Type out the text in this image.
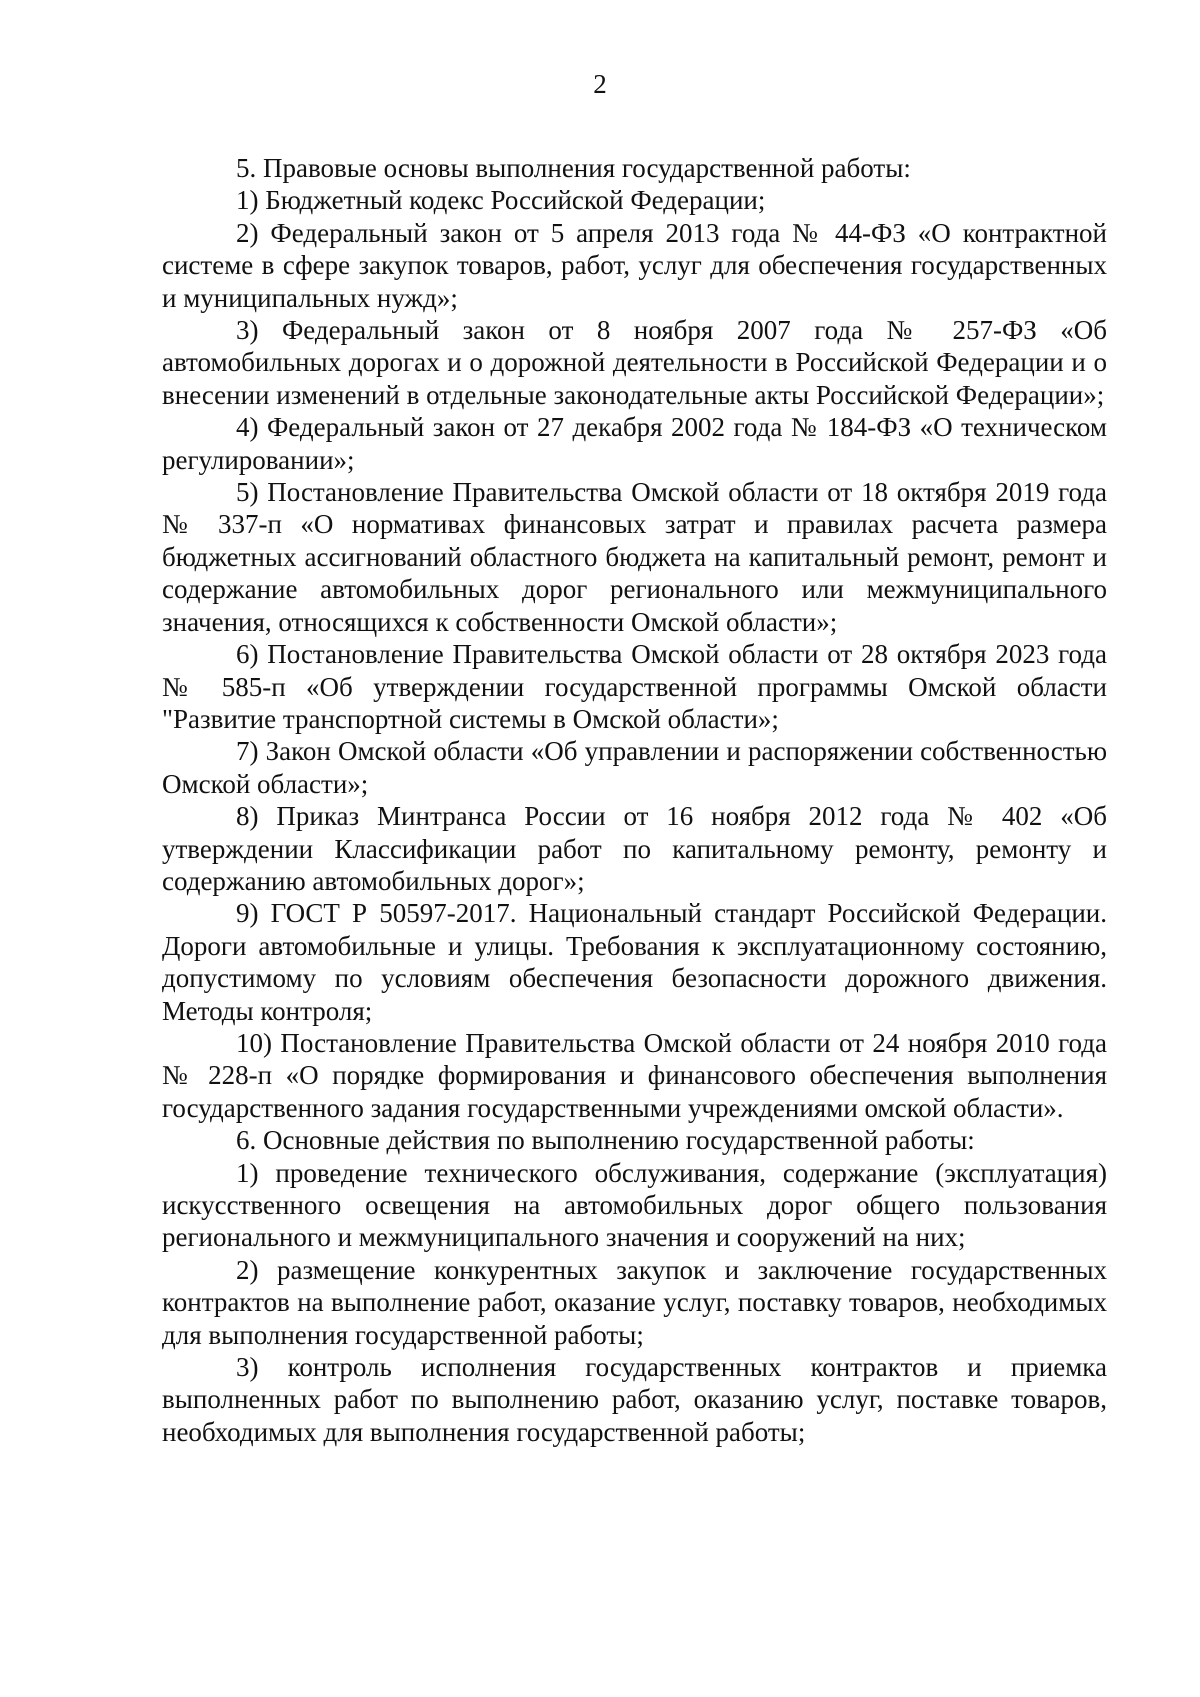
2

5. Правовые основы выполнения государственной работы:

1) Бюджетный кодекс Российской Федерации;

2) Федеральный закон от 5 апреля 2013 года № 44-ФЗ «О контрактной системе в сфере закупок товаров, работ, услуг для обеспечения государственных и муниципальных нужд»;

3) Федеральный закон от 8 ноября 2007 года № 257-ФЗ «Об автомобильных дорогах и о дорожной деятельности в Российской Федерации и о внесении изменений в отдельные законодательные акты Российской Федерации»;

4) Федеральный закон от 27 декабря 2002 года № 184-ФЗ «О техническом регулировании»;

5) Постановление Правительства Омской области от 18 октября 2019 года № 337-п «О нормативах финансовых затрат и правилах расчета размера бюджетных ассигнований областного бюджета на капитальный ремонт, ремонт и содержание автомобильных дорог регионального или межмуниципального значения, относящихся к собственности Омской области»;

6) Постановление Правительства Омской области от 28 октября 2023 года № 585-п «Об утверждении государственной программы Омской области "Развитие транспортной системы в Омской области»;

7) Закон Омской области «Об управлении и распоряжении собственностью Омской области»;

8) Приказ Минтранса России от 16 ноября 2012 года № 402 «Об утверждении Классификации работ по капитальному ремонту, ремонту и содержанию автомобильных дорог»;

9) ГОСТ Р 50597-2017. Национальный стандарт Российской Федерации. Дороги автомобильные и улицы. Требования к эксплуатационному состоянию, допустимому по условиям обеспечения безопасности дорожного движения. Методы контроля;

10) Постановление Правительства Омской области от 24 ноября 2010 года № 228-п «О порядке формирования и финансового обеспечения выполнения государственного задания государственными учреждениями омской области».

6. Основные действия по выполнению государственной работы:

1) проведение технического обслуживания, содержание (эксплуатация) искусственного освещения на автомобильных дорог общего пользования регионального и межмуниципального значения и сооружений на них;

2) размещение конкурентных закупок и заключение государственных контрактов на выполнение работ, оказание услуг, поставку товаров, необходимых для выполнения государственной работы;

3) контроль исполнения государственных контрактов и приемка выполненных работ по выполнению работ, оказанию услуг, поставке товаров, необходимых для выполнения государственной работы;
